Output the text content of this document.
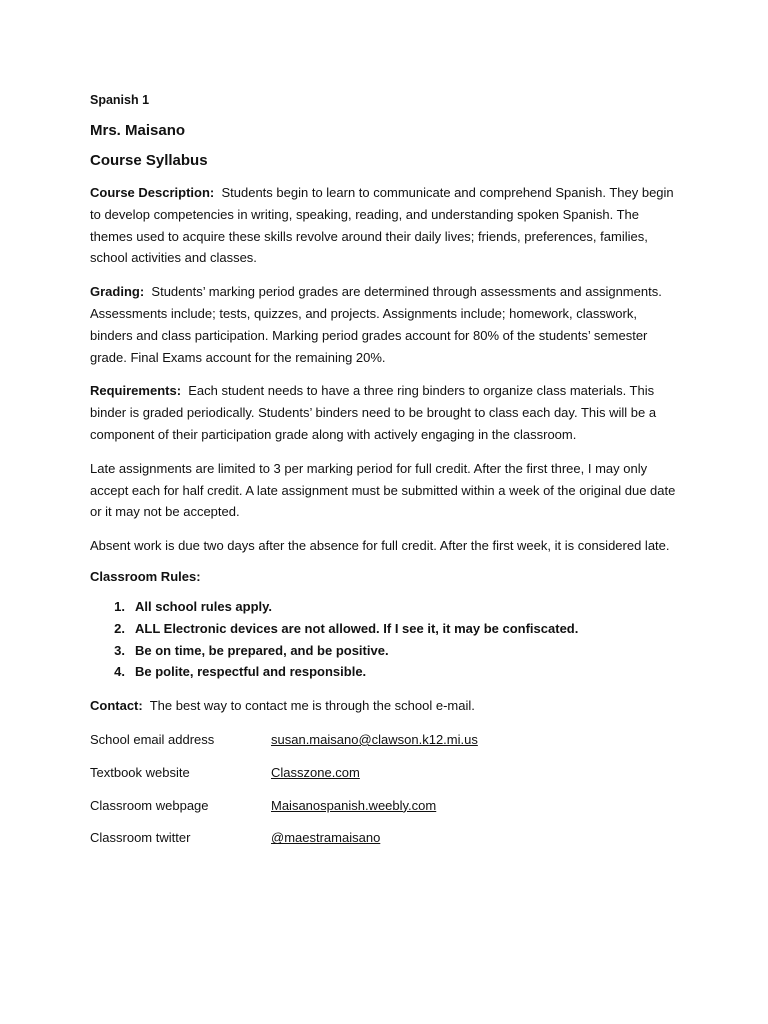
Spanish 1
Mrs. Maisano
Course Syllabus

Course Description: Students begin to learn to communicate and comprehend Spanish. They begin to develop competencies in writing, speaking, reading, and understanding spoken Spanish. The themes used to acquire these skills revolve around their daily lives; friends, preferences, families, school activities and classes.

Grading: Students’ marking period grades are determined through assessments and assignments. Assessments include; tests, quizzes, and projects. Assignments include; homework, classwork, binders and class participation. Marking period grades account for 80% of the students’ semester grade. Final Exams account for the remaining 20%.

Requirements: Each student needs to have a three ring binders to organize class materials. This binder is graded periodically. Students’ binders need to be brought to class each day. This will be a component of their participation grade along with actively engaging in the classroom.

Late assignments are limited to 3 per marking period for full credit. After the first three, I may only accept each for half credit. A late assignment must be submitted within a week of the original due date or it may not be accepted.

Absent work is due two days after the absence for full credit. After the first week, it is considered late.

Classroom Rules:
1. All school rules apply.
2. ALL Electronic devices are not allowed. If I see it, it may be confiscated.
3. Be on time, be prepared, and be positive.
4. Be polite, respectful and responsible.

Contact: The best way to contact me is through the school e-mail.

School email address	susan.maisano@clawson.k12.mi.us
Textbook website	Classzone.com
Classroom webpage	Maisanospanish.weebly.com
Classroom twitter	@maestramaisano
